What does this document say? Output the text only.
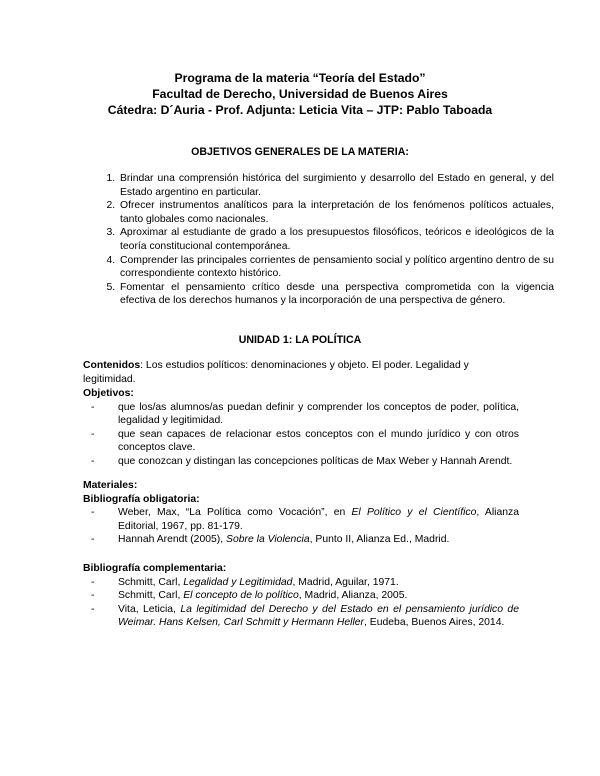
Programa de la materia “Teoría del Estado”
Facultad de Derecho, Universidad de Buenos Aires
Cátedra: D´Auria - Prof. Adjunta: Leticia Vita – JTP: Pablo Taboada
OBJETIVOS GENERALES DE LA MATERIA:
1. Brindar una comprensión histórica del surgimiento y desarrollo del Estado en general, y del Estado argentino en particular.
2. Ofrecer instrumentos analíticos para la interpretación de los fenómenos políticos actuales, tanto globales como nacionales.
3. Aproximar al estudiante de grado a los presupuestos filosóficos, teóricos e ideológicos de la teoría constitucional contemporánea.
4. Comprender las principales corrientes de pensamiento social y político argentino dentro de su correspondiente contexto histórico.
5. Fomentar el pensamiento crítico desde una perspectiva comprometida con la vigencia efectiva de los derechos humanos y la incorporación de una perspectiva de género.
UNIDAD 1: LA POLÍTICA
Contenidos: Los estudios políticos: denominaciones y objeto. El poder. Legalidad y legitimidad.
Objetivos:
- que los/as alumnos/as puedan definir y comprender los conceptos de poder, política, legalidad y legitimidad.
- que sean capaces de relacionar estos conceptos con el mundo jurídico y con otros conceptos clave.
- que conozcan y distingan las concepciones políticas de Max Weber y Hannah Arendt.
Materiales:
Bibliografía obligatoria:
- Weber, Max, “La Política como Vocación”, en El Político y el Científico, Alianza Editorial, 1967, pp. 81-179.
- Hannah Arendt (2005), Sobre la Violencia, Punto II, Alianza Ed., Madrid.
Bibliografía complementaria:
- Schmitt, Carl, Legalidad y Legitimidad, Madrid, Aguilar, 1971.
- Schmitt, Carl, El concepto de lo político, Madrid, Alianza, 2005.
- Vita, Leticia, La legitimidad del Derecho y del Estado en el pensamiento jurídico de Weimar. Hans Kelsen, Carl Schmitt y Hermann Heller, Eudeba, Buenos Aires, 2014.
